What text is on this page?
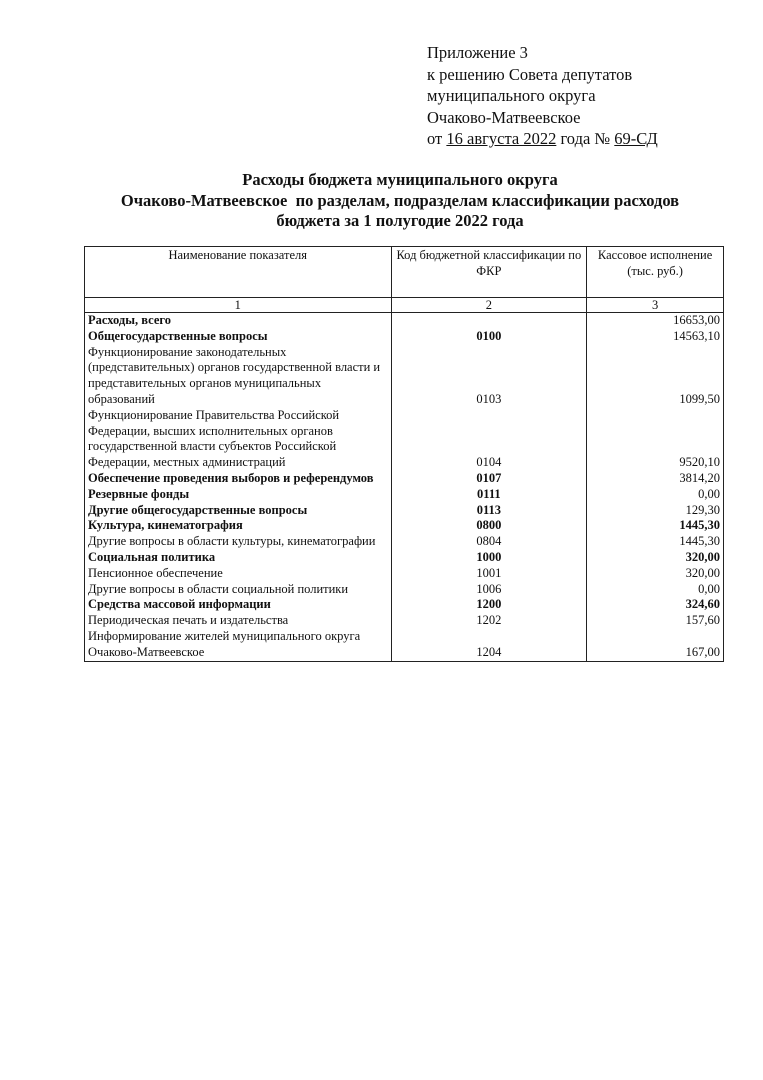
Приложение 3
к решению Совета депутатов
муниципального округа
Очаково-Матвеевское
от 16 августа 2022 года № 69-СД
Расходы бюджета муниципального округа
Очаково-Матвеевское  по разделам, подразделам классификации расходов
бюджета за 1 полугодие 2022 года
Наименование показателя	Код бюджетной классификации по ФКР	Кассовое исполнение (тыс. руб.)
1	2	3
Расходы, всего		16653,00
Общегосударственные вопросы	0100	14563,10
Функционирование законодательных (представительных) органов государственной власти и представительных органов муниципальных образований	0103	1099,50
Функционирование Правительства Российской Федерации, высших исполнительных органов государственной власти субъектов Российской Федерации, местных администраций	0104	9520,10
Обеспечение проведения выборов и референдумов	0107	3814,20
Резервные фонды	0111	0,00
Другие общегосударственные вопросы	0113	129,30
Культура, кинематография	0800	1445,30
Другие вопросы в области культуры, кинематографии	0804	1445,30
Социальная политика	1000	320,00
Пенсионное обеспечение	1001	320,00
Другие вопросы в области социальной политики	1006	0,00
Средства массовой информации	1200	324,60
Периодическая печать и издательства	1202	157,60
Информирование жителей муниципального округа Очаково-Матвеевское	1204	167,00
